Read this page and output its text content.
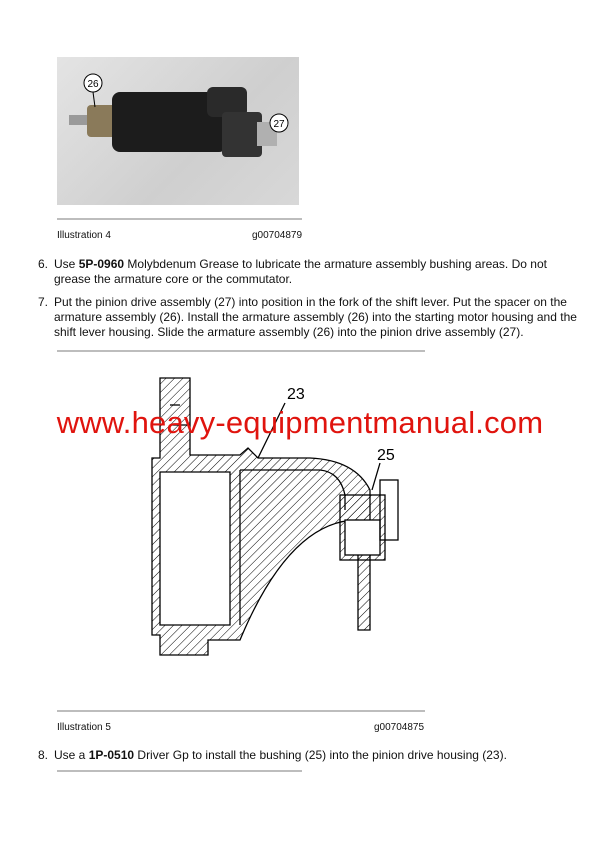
26
27
Illustration 4	g00704879
6. Use 5P-0960 Molybdenum Grease to lubricate the armature assembly bushing areas. Do not grease the armature core or the commutator.
7. Put the pinion drive assembly (27) into position in the fork of the shift lever. Put the spacer on the armature assembly (26). Install the armature assembly (26) into the starting motor housing and the shift lever housing. Slide the armature assembly (26) into the pinion drive assembly (27).
23
25
www.heavy-equipmentmanual.com
Illustration 5	g00704875
8. Use a 1P-0510 Driver Gp to install the bushing (25) into the pinion drive housing (23).
